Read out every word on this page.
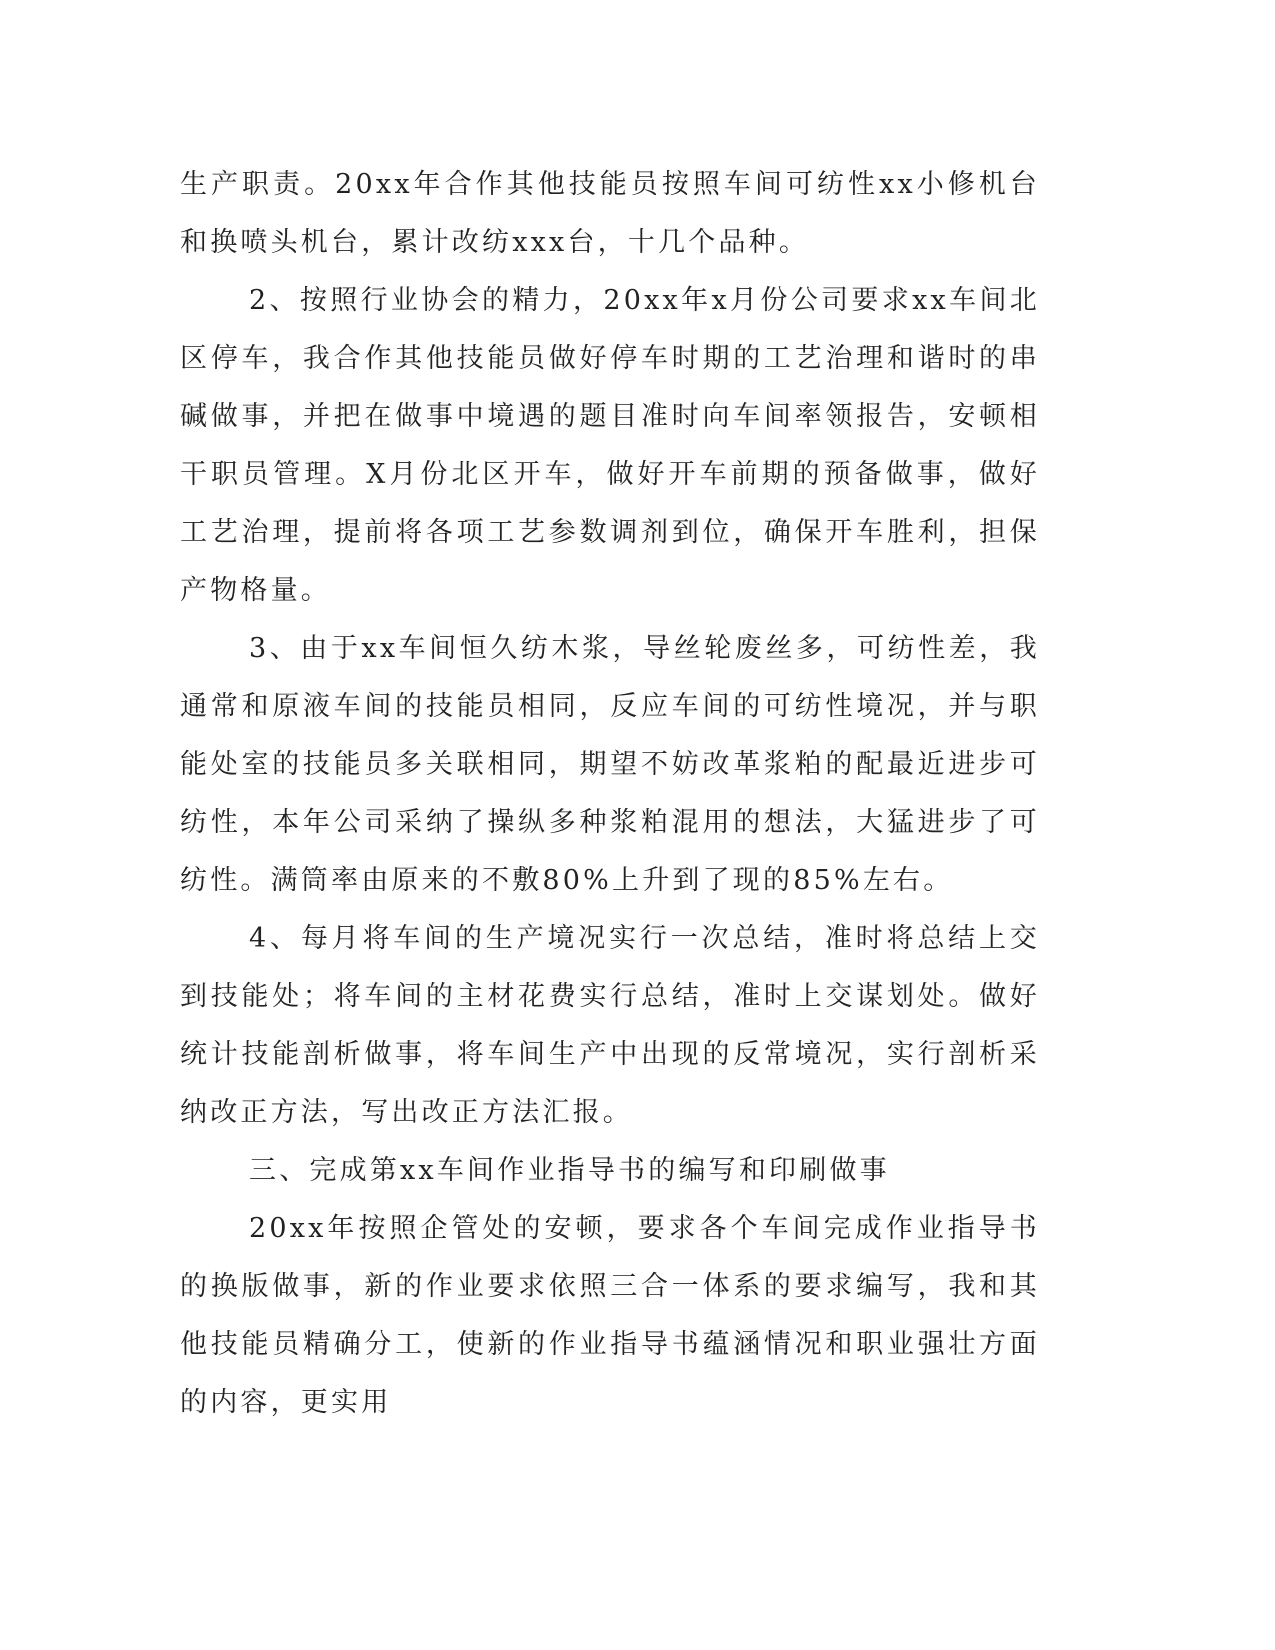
生产职责。20xx年合作其他技能员按照车间可纺性xx小修机台和换喷头机台，累计改纺xxx台，十几个品种。

2、按照行业协会的精力，20xx年x月份公司要求xx车间北区停车，我合作其他技能员做好停车时期的工艺治理和谐时的串碱做事，并把在做事中境遇的题目准时向车间率领报告，安顿相干职员管理。X月份北区开车，做好开车前期的预备做事，做好工艺治理，提前将各项工艺参数调剂到位，确保开车胜利，担保产物格量。

3、由于xx车间恒久纺木浆，导丝轮废丝多，可纺性差，我通常和原液车间的技能员相同，反应车间的可纺性境况，并与职能处室的技能员多关联相同，期望不妨改革浆粕的配最近进步可纺性，本年公司采纳了操纵多种浆粕混用的想法，大猛进步了可纺性。满筒率由原来的不敷80%上升到了现的85%左右。

4、每月将车间的生产境况实行一次总结，准时将总结上交到技能处；将车间的主材花费实行总结，准时上交谋划处。做好统计技能剖析做事，将车间生产中出现的反常境况，实行剖析采纳改正方法，写出改正方法汇报。

三、完成第xx车间作业指导书的编写和印刷做事

20xx年按照企管处的安顿，要求各个车间完成作业指导书的换版做事，新的作业要求依照三合一体系的要求编写，我和其他技能员精确分工，使新的作业指导书蕴涵情况和职业强壮方面的内容，更实用
